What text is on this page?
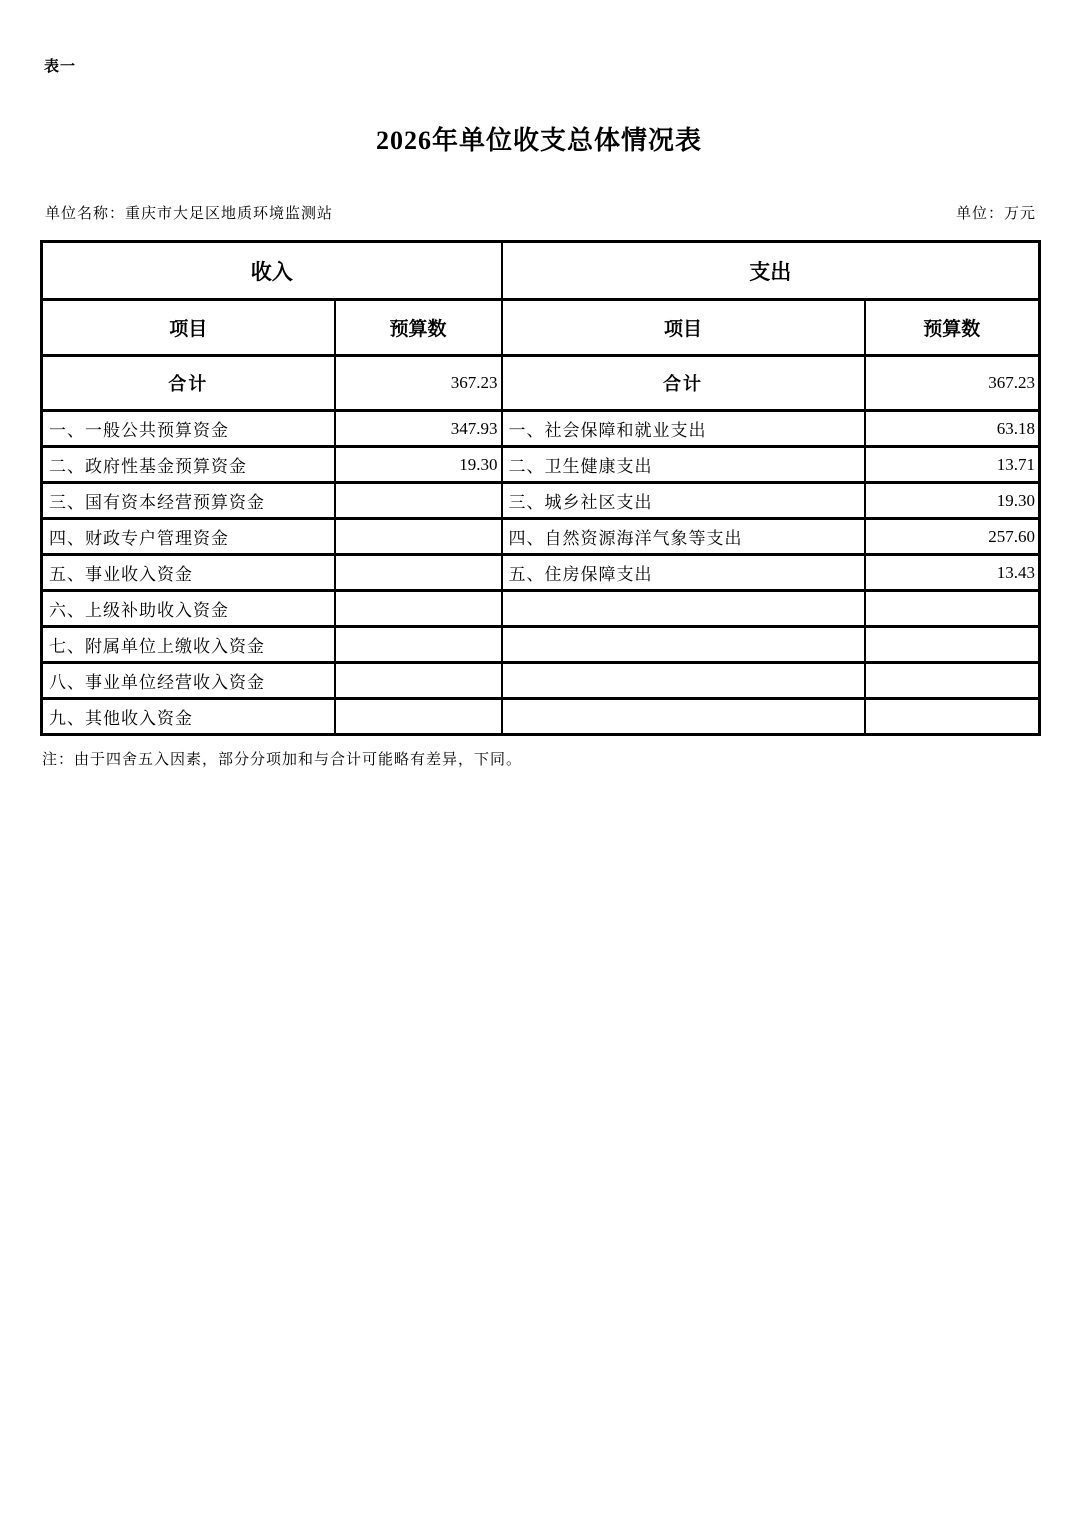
表一
2026年单位收支总体情况表
单位名称：重庆市大足区地质环境监测站	单位：万元
收入		支出	
项目	预算数	项目	预算数
合计	367.23	合计	367.23
一、一般公共预算资金	347.93	一、社会保障和就业支出	63.18
二、政府性基金预算资金	19.30	二、卫生健康支出	13.71
三、国有资本经营预算资金		三、城乡社区支出	19.30
四、财政专户管理资金		四、自然资源海洋气象等支出	257.60
五、事业收入资金		五、住房保障支出	13.43
六、上级补助收入资金			
七、附属单位上缴收入资金			
八、事业单位经营收入资金			
九、其他收入资金			
注：由于四舍五入因素，部分分项加和与合计可能略有差异，下同。
